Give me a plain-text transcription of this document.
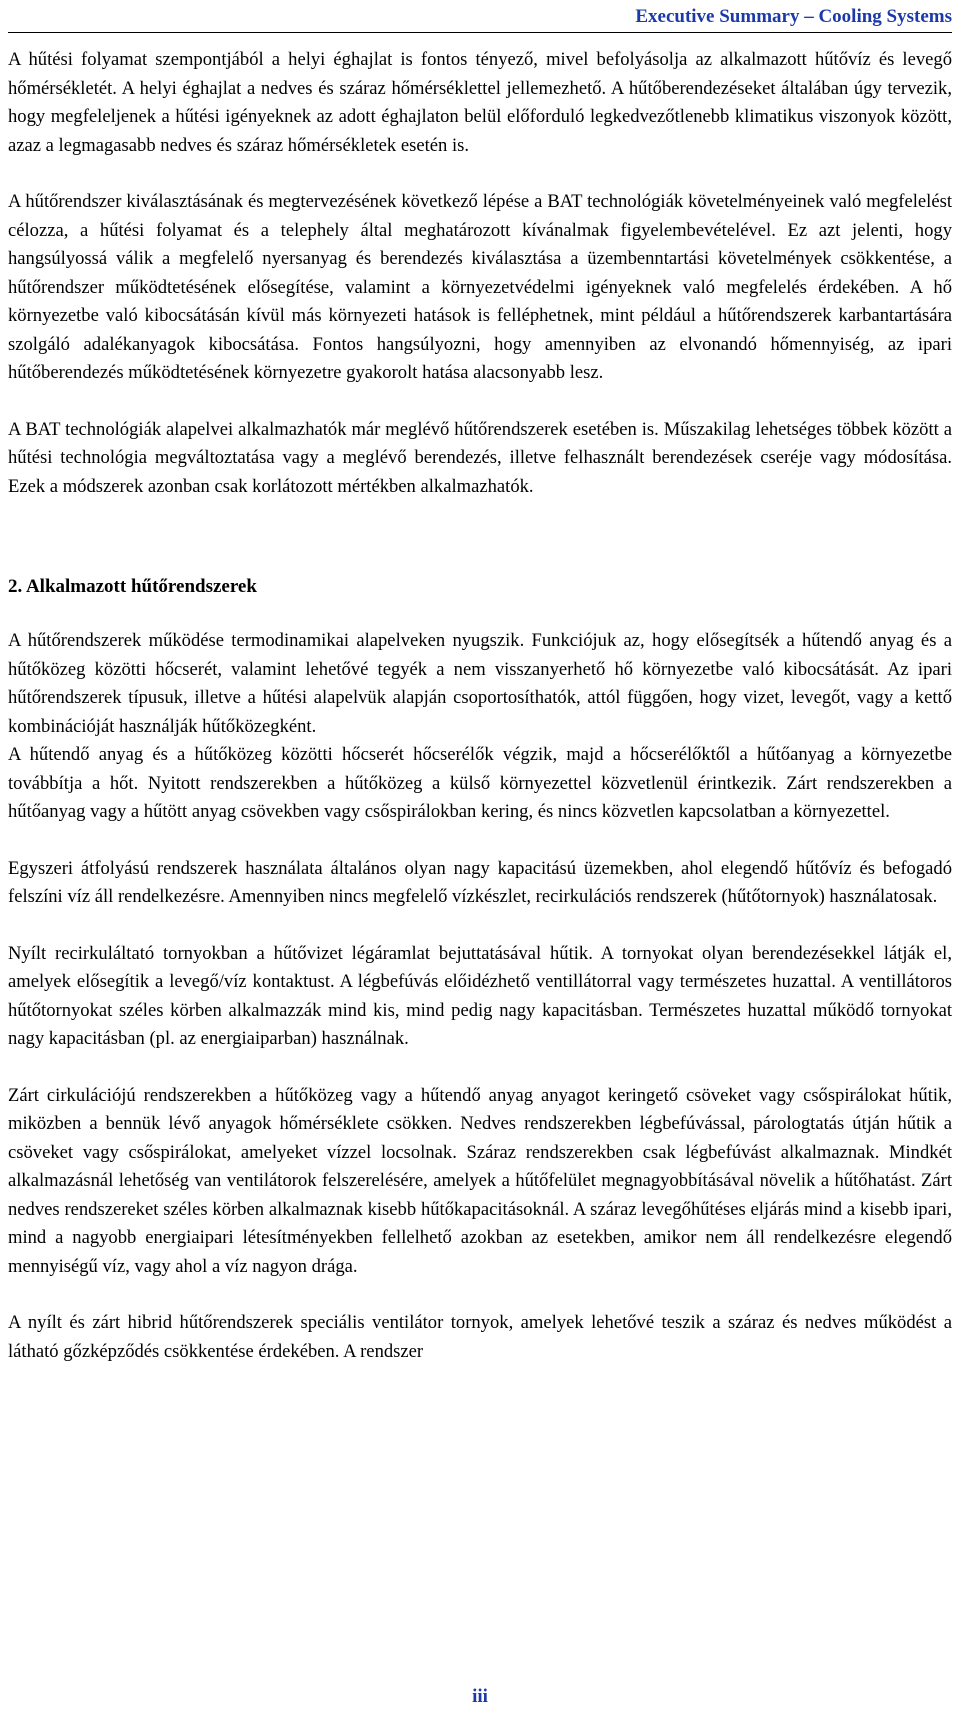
Executive Summary – Cooling Systems

A hűtési folyamat szempontjából a helyi éghajlat is fontos tényező, mivel befolyásolja az alkalmazott hűtővíz és levegő hőmérsékletét. A helyi éghajlat a nedves és száraz hőmérséklettel jellemezhető. A hűtőberendezéseket általában úgy tervezik, hogy megfeleljenek a hűtési igényeknek az adott éghajlaton belül előforduló legkedvezőtlenebb klimatikus viszonyok között, azaz a legmagasabb nedves és száraz hőmérsékletek esetén is.

A hűtőrendszer kiválasztásának és megtervezésének következő lépése a BAT technológiák követelményeinek való megfelelést célozza, a hűtési folyamat és a telephely által meghatározott kívánalmak figyelembevételével. Ez azt jelenti, hogy hangsúlyossá válik a megfelelő nyersanyag és berendezés kiválasztása a üzembenntartási követelmények csökkentése, a hűtőrendszer működtetésének elősegítése, valamint a környezetvédelmi igényeknek való megfelelés érdekében. A hő környezetbe való kibocsátásán kívül más környezeti hatások is felléphetnek, mint például a hűtőrendszerek karbantartására szolgáló adalékanyagok kibocsátása. Fontos hangsúlyozni, hogy amennyiben az elvonandó hőmennyiség, az ipari hűtőberendezés működtetésének környezetre gyakorolt hatása alacsonyabb lesz.

A BAT technológiák alapelvei alkalmazhatók már meglévő hűtőrendszerek esetében is. Műszakilag lehetséges többek között a hűtési technológia megváltoztatása vagy a meglévő berendezés, illetve felhasznált berendezések cseréje vagy módosítása. Ezek a módszerek azonban csak korlátozott mértékben alkalmazhatók.

2. Alkalmazott hűtőrendszerek

A hűtőrendszerek működése termodinamikai alapelveken nyugszik. Funkciójuk az, hogy elősegítsék a hűtendő anyag és a hűtőközeg közötti hőcserét, valamint lehetővé tegyék a nem visszanyerhető hő környezetbe való kibocsátását. Az ipari hűtőrendszerek típusuk, illetve a hűtési alapelvük alapján csoportosíthatók, attól függően, hogy vizet, levegőt, vagy a kettő kombinációját használják hűtőközegként.

A hűtendő anyag és a hűtőközeg közötti hőcserét hőcserélők végzik, majd a hőcserélőktől a hűtőanyag a környezetbe továbbítja a hőt. Nyitott rendszerekben a hűtőközeg a külső környezettel közvetlenül érintkezik. Zárt rendszerekben a hűtőanyag vagy a hűtött anyag csövekben vagy csőspirálokban kering, és nincs közvetlen kapcsolatban a környezettel.

Egyszeri átfolyású rendszerek használata általános olyan nagy kapacitású üzemekben, ahol elegendő hűtővíz és befogadó felszíni víz áll rendelkezésre. Amennyiben nincs megfelelő vízkészlet, recirkulációs rendszerek (hűtőtornyok) használatosak.

Nyílt recirkuláltató tornyokban a hűtővizet légáramlat bejuttatásával hűtik. A tornyokat olyan berendezésekkel látják el, amelyek elősegítik a levegő/víz kontaktust. A légbefúvás előidézhető ventillátorral vagy természetes huzattal. A ventillátoros hűtőtornyokat széles körben alkalmazzák mind kis, mind pedig nagy kapacitásban. Természetes huzattal működő tornyokat nagy kapacitásban (pl. az energiaiparban) használnak.

Zárt cirkulációjú rendszerekben a hűtőközeg vagy a hűtendő anyag anyagot keringető csöveket vagy csőspirálokat hűtik, miközben a bennük lévő anyagok hőmérséklete csökken. Nedves rendszerekben légbefúvással, párologtatás útján hűtik a csöveket vagy csőspirálokat, amelyeket vízzel locsolnak. Száraz rendszerekben csak légbefúvást alkalmaznak. Mindkét alkalmazásnál lehetőség van ventilátorok felszerelésére, amelyek a hűtőfelület megnagyobbításával növelik a hűtőhatást. Zárt nedves rendszereket széles körben alkalmaznak kisebb hűtőkapacitásoknál. A száraz levegőhűtéses eljárás mind a kisebb ipari, mind a nagyobb energiaipari létesítményekben fellelhető azokban az esetekben, amikor nem áll rendelkezésre elegendő mennyiségű víz, vagy ahol a víz nagyon drága.

A nyílt és zárt hibrid hűtőrendszerek speciális ventilátor tornyok, amelyek lehetővé teszik a száraz és nedves működést a látható gőzképződés csökkentése érdekében. A rendszer

iii
